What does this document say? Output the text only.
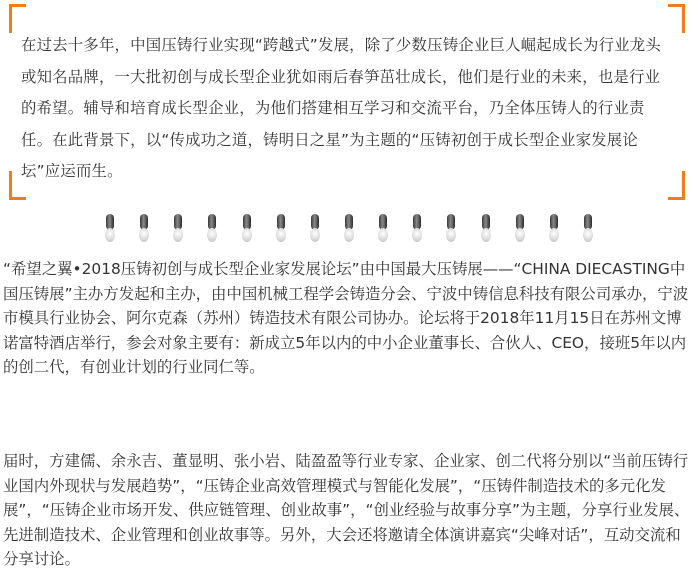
在过去十多年，中国压铸行业实现“跨越式”发展，除了少数压铸企业巨人崛起成长为行业龙头或知名品牌，一大批初创与成长型企业犹如雨后春笋茁壮成长，他们是行业的未来，也是行业的希望。辅导和培育成长型企业，为他们搭建相互学习和交流平台，乃全体压铸人的行业责任。在此背景下，以“传成功之道，铸明日之星”为主题的“压铸初创于成长型企业家发展论坛”应运而生。

“希望之翼•2018压铸初创与成长型企业家发展论坛”由中国最大压铸展——“CHINA DIECASTING中国压铸展”主办方发起和主办，由中国机械工程学会铸造分会、宁波中铸信息科技有限公司承办，宁波市模具行业协会、阿尔克森（苏州）铸造技术有限公司协办。论坛将于2018年11月15日在苏州文博诺富特酒店举行，参会对象主要有：新成立5年以内的中小企业董事长、合伙人、CEO，接班5年以内的创二代，有创业计划的行业同仁等。

届时，方建儒、余永吉、董显明、张小岩、陆盈盈等行业专家、企业家、创二代将分别以“当前压铸行业国内外现状与发展趋势”，“压铸企业高效管理模式与智能化发展”，“压铸件制造技术的多元化发展”，“压铸企业市场开发、供应链管理、创业故事”，“创业经验与故事分享”为主题，分享行业发展、先进制造技术、企业管理和创业故事等。另外，大会还将邀请全体演讲嘉宾“尖峰对话”，互动交流和分享讨论。
